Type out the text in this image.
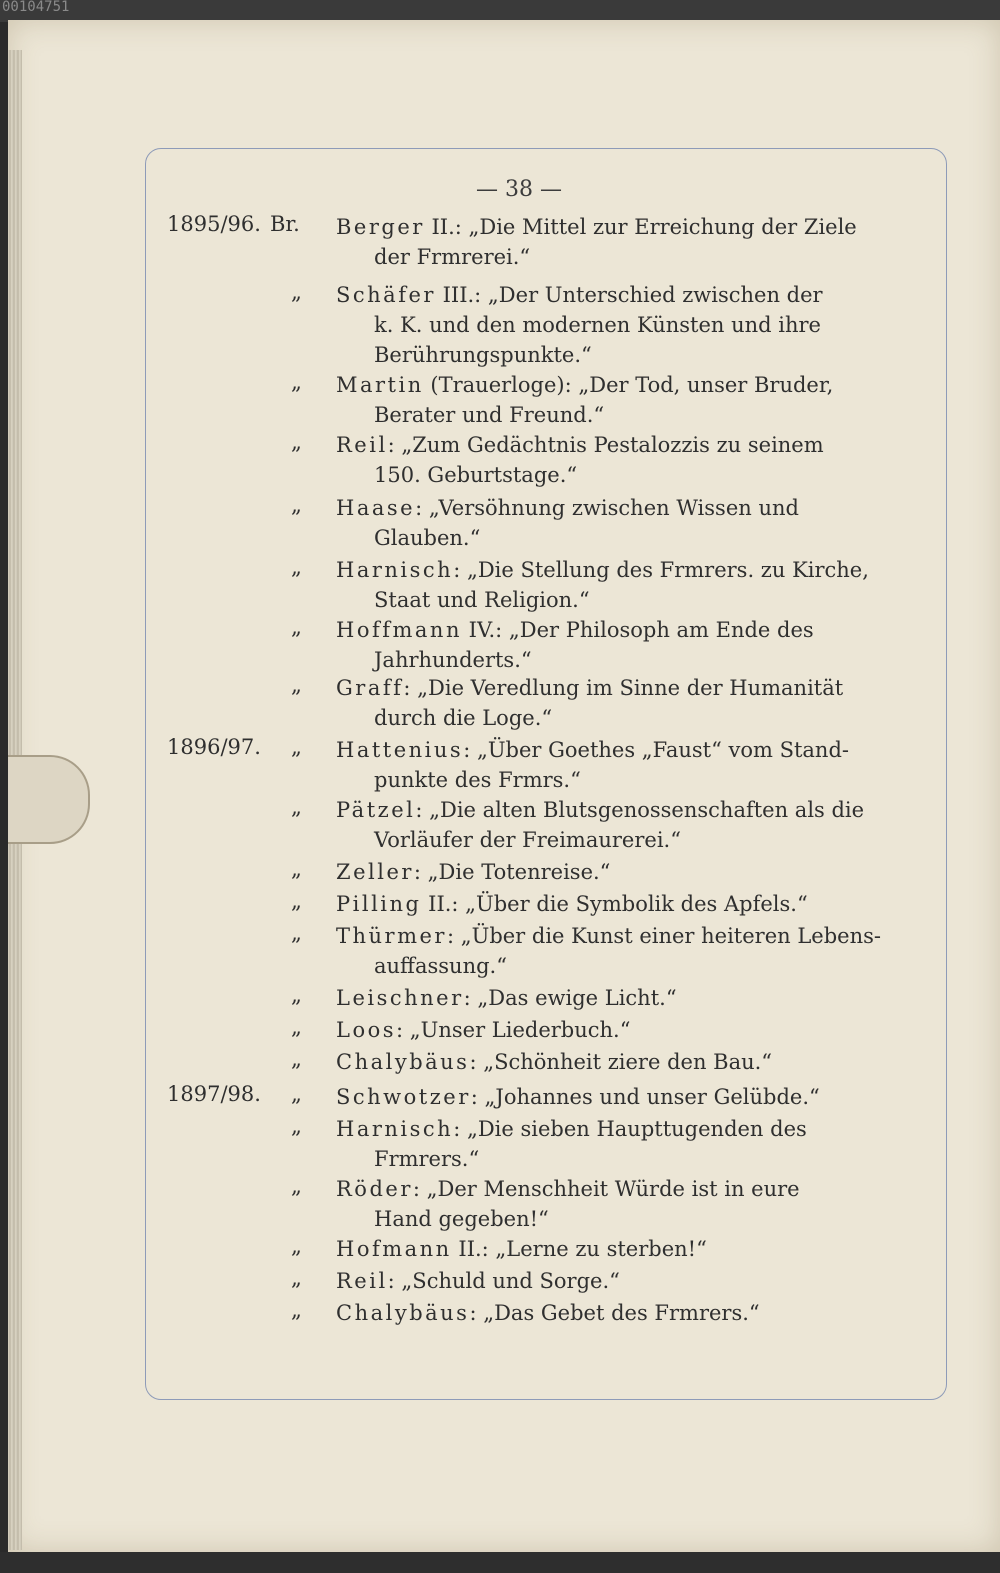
00104751
— 38 —
1895/96. Br. Berger II.: „Die Mittel zur Erreichung der Ziele
der Frmrerei.“
„ Schäfer III.: „Der Unterschied zwischen der
k. K. und den modernen Künsten und ihre
Berührungspunkte.“
„ Martin (Trauerloge): „Der Tod, unser Bruder,
Berater und Freund.“
„ Reil: „Zum Gedächtnis Pestalozzis zu seinem
150. Geburtstage.“
„ Haase: „Versöhnung zwischen Wissen und
Glauben.“
„ Harnisch: „Die Stellung des Frmrers. zu Kirche,
Staat und Religion.“
„ Hoffmann IV.: „Der Philosoph am Ende des
Jahrhunderts.“
„ Graff: „Die Veredlung im Sinne der Humanität
durch die Loge.“
1896/97. „ Hattenius: „Über Goethes „Faust“ vom Stand-
punkte des Frmrs.“
„ Pätzel: „Die alten Blutsgenossenschaften als die
Vorläufer der Freimaurerei.“
„ Zeller: „Die Totenreise.“
„ Pilling II.: „Über die Symbolik des Apfels.“
„ Thürmer: „Über die Kunst einer heiteren Lebens-
auffassung.“
„ Leischner: „Das ewige Licht.“
„ Loos: „Unser Liederbuch.“
„ Chalybäus: „Schönheit ziere den Bau.“
1897/98. „ Schwotzer: „Johannes und unser Gelübde.“
„ Harnisch: „Die sieben Haupttugenden des
Frmrers.“
„ Röder: „Der Menschheit Würde ist in eure
Hand gegeben!“
„ Hofmann II.: „Lerne zu sterben!“
„ Reil: „Schuld und Sorge.“
„ Chalybäus: „Das Gebet des Frmrers.“
